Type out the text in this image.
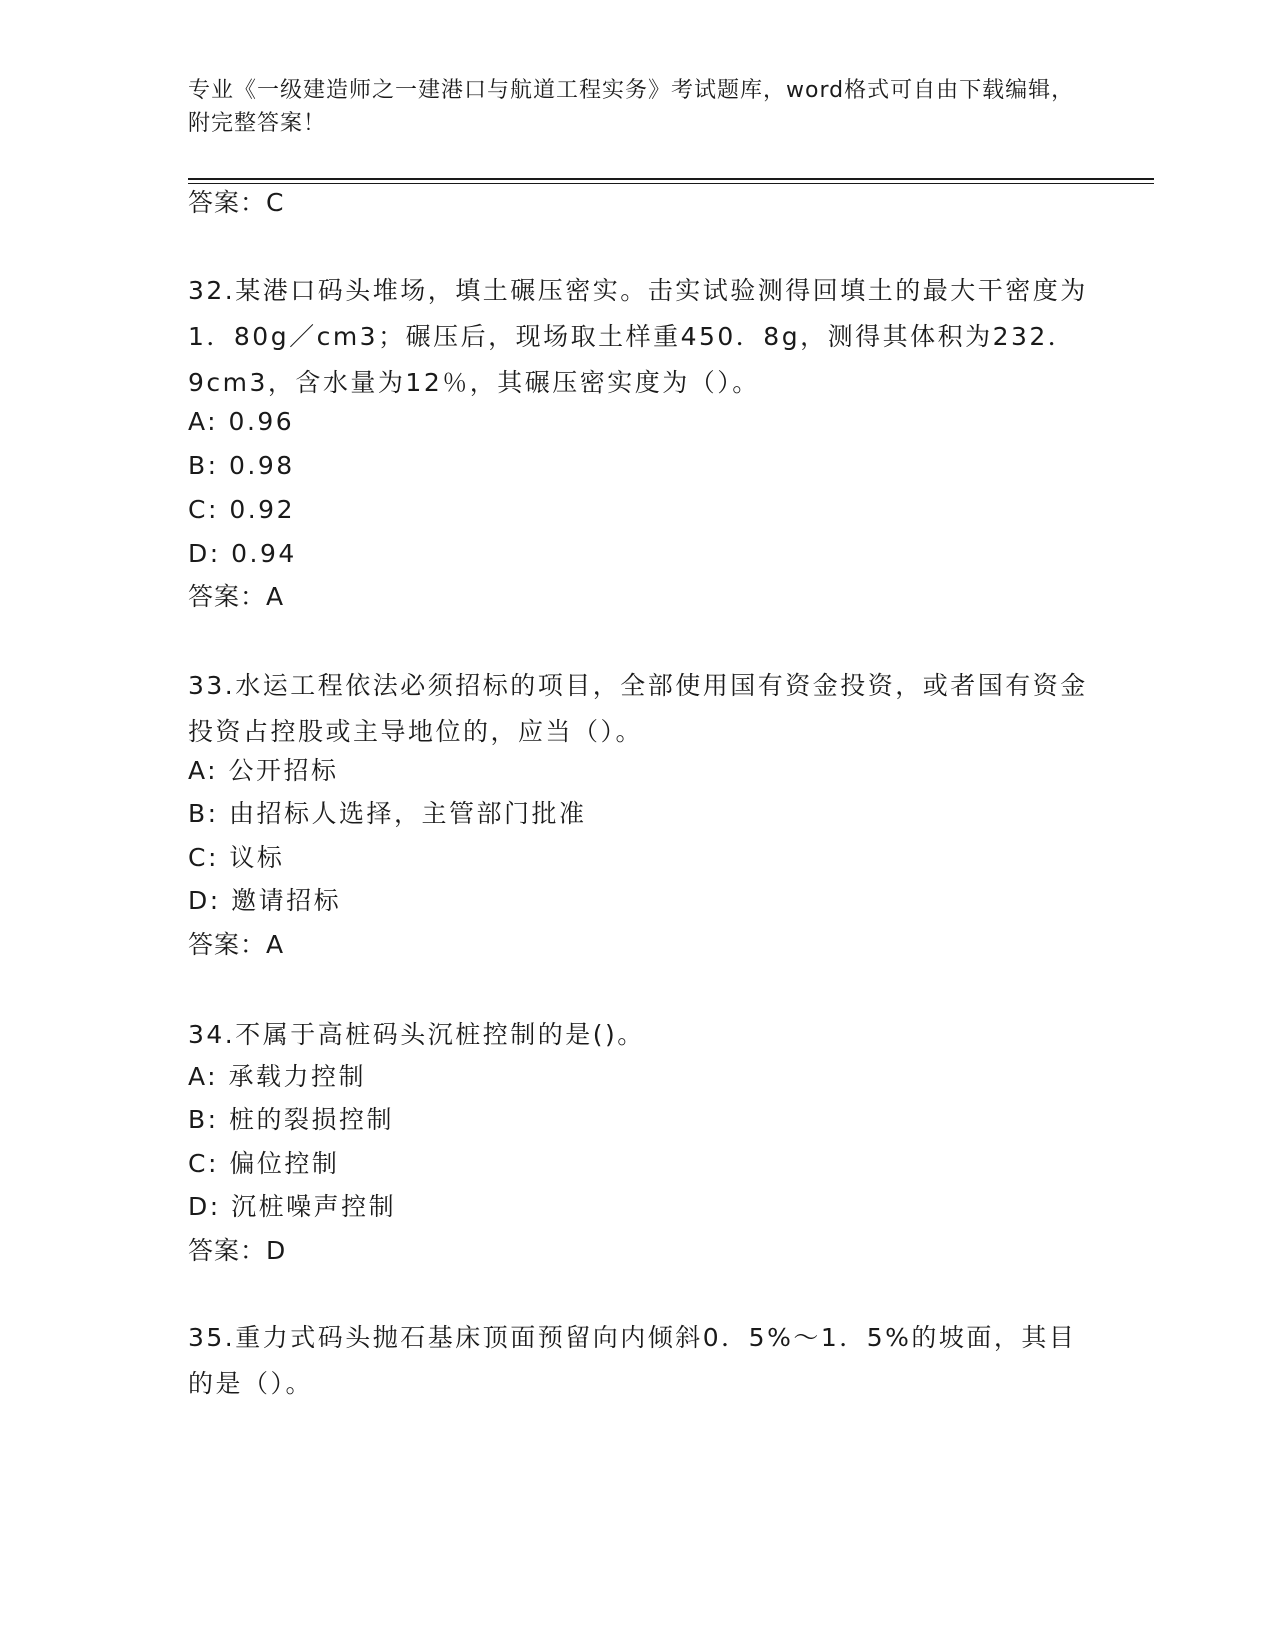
专业《一级建造师之一建港口与航道工程实务》考试题库，word格式可自由下载编辑，附完整答案！
答案：C
32.某港口码头堆场，填土碾压密实。击实试验测得回填土的最大干密度为1．80g／cm3；碾压后，现场取土样重450．8g，测得其体积为232．9cm3，含水量为12％，其碾压密实度为（）。
A: 0.96
B: 0.98
C: 0.92
D: 0.94
答案：A
33.水运工程依法必须招标的项目，全部使用国有资金投资，或者国有资金投资占控股或主导地位的，应当（）。
A: 公开招标
B: 由招标人选择，主管部门批准
C: 议标
D: 邀请招标
答案：A
34.不属于高桩码头沉桩控制的是()。
A: 承载力控制
B: 桩的裂损控制
C: 偏位控制
D: 沉桩噪声控制
答案：D
35.重力式码头抛石基床顶面预留向内倾斜0．5%～1．5%的坡面，其目的是（）。
